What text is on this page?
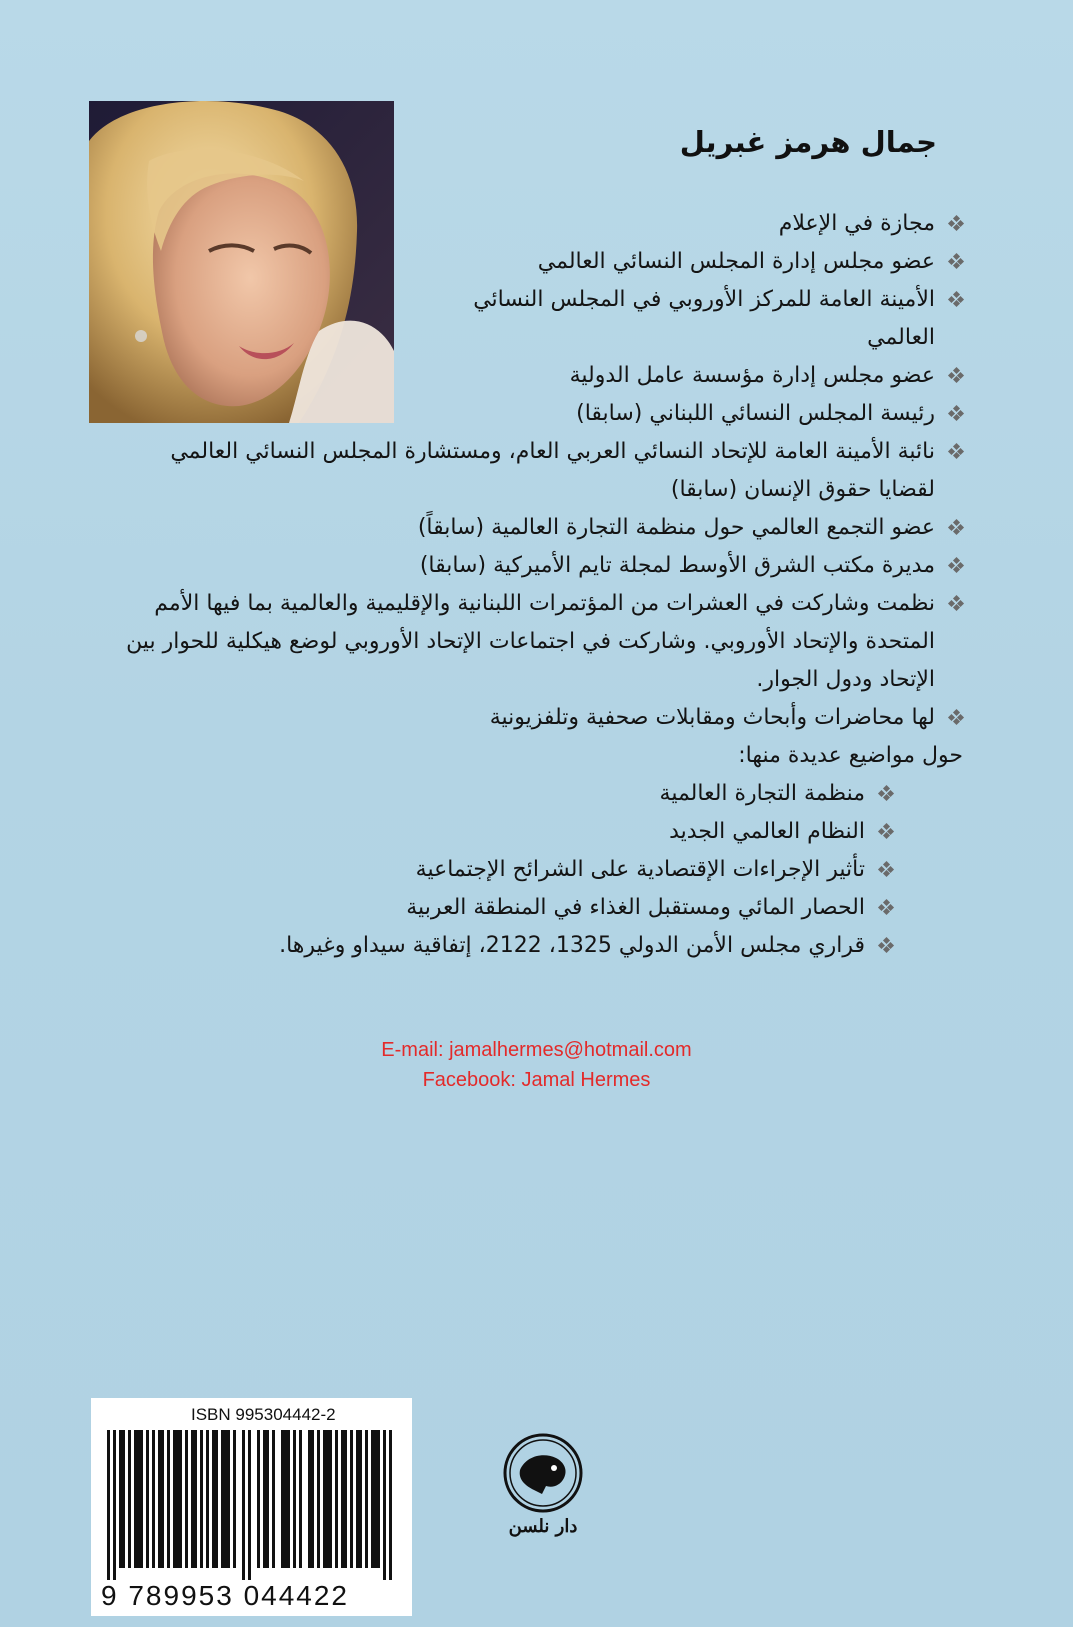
جمال هرمز غبريل
مجازة في الإعلام
عضو مجلس إدارة المجلس النسائي العالمي
الأمينة العامة للمركز الأوروبي في المجلس النسائي العالمي
عضو مجلس إدارة مؤسسة عامل الدولية
رئيسة المجلس النسائي اللبناني (سابقا)
نائبة الأمينة العامة للإتحاد النسائي العربي العام، ومستشارة المجلس النسائي العالمي لقضايا حقوق الإنسان (سابقا)
عضو التجمع العالمي حول منظمة التجارة العالمية (سابقاً)
مديرة مكتب الشرق الأوسط لمجلة تايم الأميركية (سابقا)
نظمت وشاركت في العشرات من المؤتمرات اللبنانية والإقليمية والعالمية بما فيها الأمم المتحدة والإتحاد الأوروبي. وشاركت في اجتماعات الإتحاد الأوروبي لوضع هيكلية للحوار بين الإتحاد ودول الجوار.
لها محاضرات وأبحاث ومقابلات صحفية وتلفزيونية
حول مواضيع عديدة منها:
منظمة التجارة العالمية
النظام العالمي الجديد
تأثير الإجراءات الإقتصادية على الشرائح الإجتماعية
الحصار المائي ومستقبل الغذاء في المنطقة العربية
قراري مجلس الأمن الدولي 1325، 2122، إتفاقية سيداو وغيرها.
E-mail: jamalhermes@hotmail.com
Facebook: Jamal Hermes
ISBN 995304442-2
9 789953 044422
دار نلسن
